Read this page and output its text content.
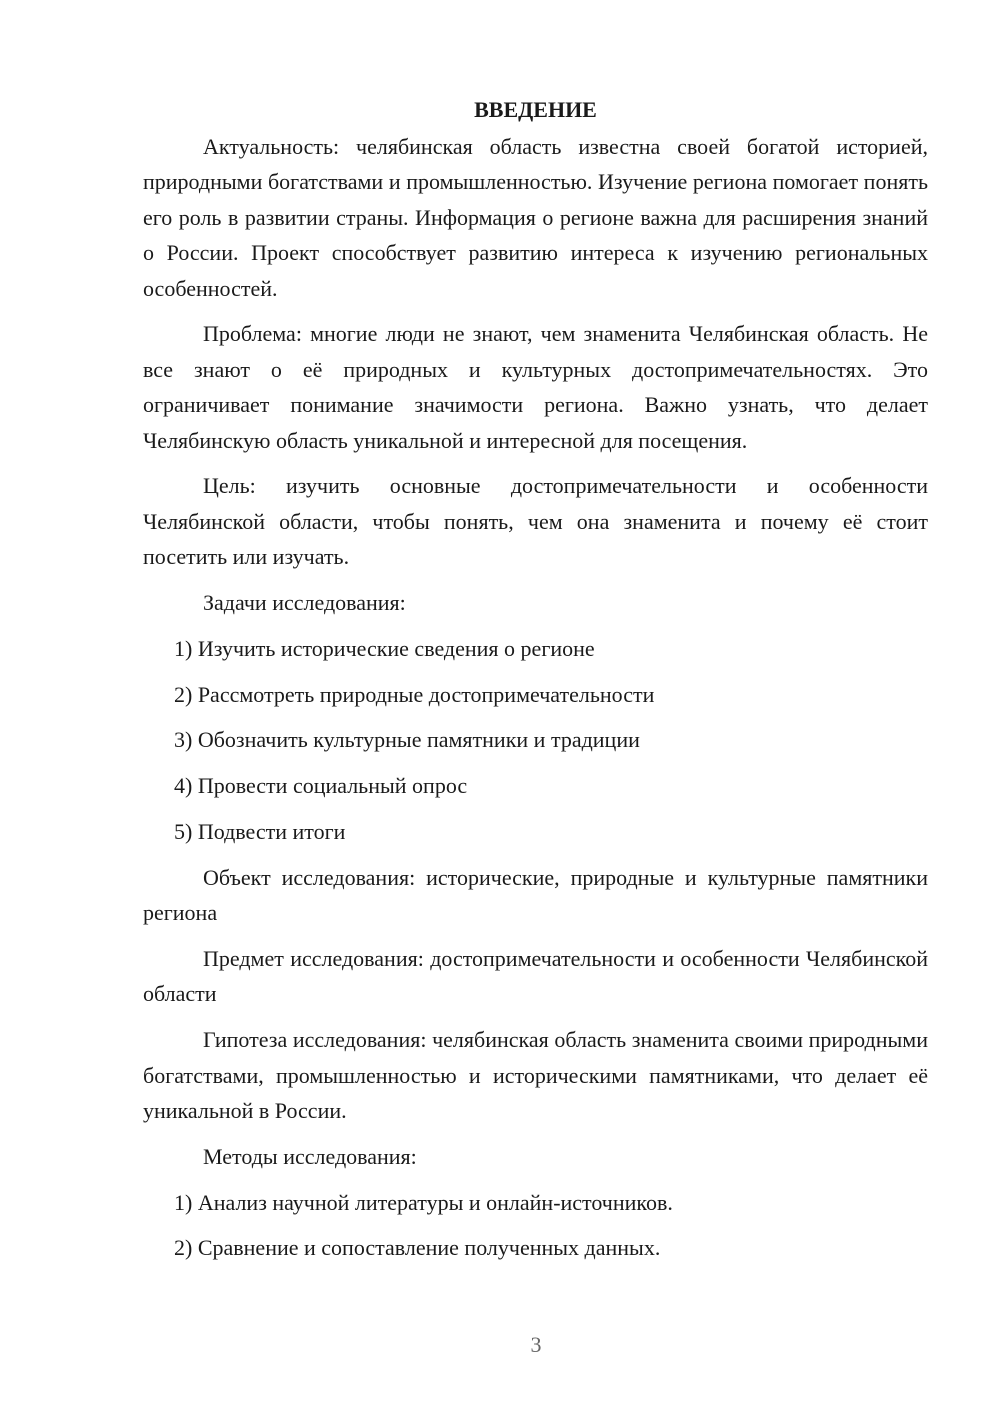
ВВЕДЕНИЕ
Актуальность: челябинская область известна своей богатой историей, природными богатствами и промышленностью. Изучение региона помогает понять его роль в развитии страны. Информация о регионе важна для расширения знаний о России. Проект способствует развитию интереса к изучению региональных особенностей.
Проблема: многие люди не знают, чем знаменита Челябинская область. Не все знают о её природных и культурных достопримечательностях. Это ограничивает понимание значимости региона. Важно узнать, что делает Челябинскую область уникальной и интересной для посещения.
Цель: изучить основные достопримечательности и особенности Челябинской области, чтобы понять, чем она знаменита и почему её стоит посетить или изучать.
Задачи исследования:
1) Изучить исторические сведения о регионе
2) Рассмотреть природные достопримечательности
3) Обозначить культурные памятники и традиции
4) Провести социальный опрос
5) Подвести итоги
Объект исследования: исторические, природные и культурные памятники региона
Предмет исследования: достопримечательности и особенности Челябинской области
Гипотеза исследования: челябинская область знаменита своими природными богатствами, промышленностью и историческими памятниками, что делает её уникальной в России.
Методы исследования:
1) Анализ научной литературы и онлайн-источников.
2) Сравнение и сопоставление полученных данных.
3
